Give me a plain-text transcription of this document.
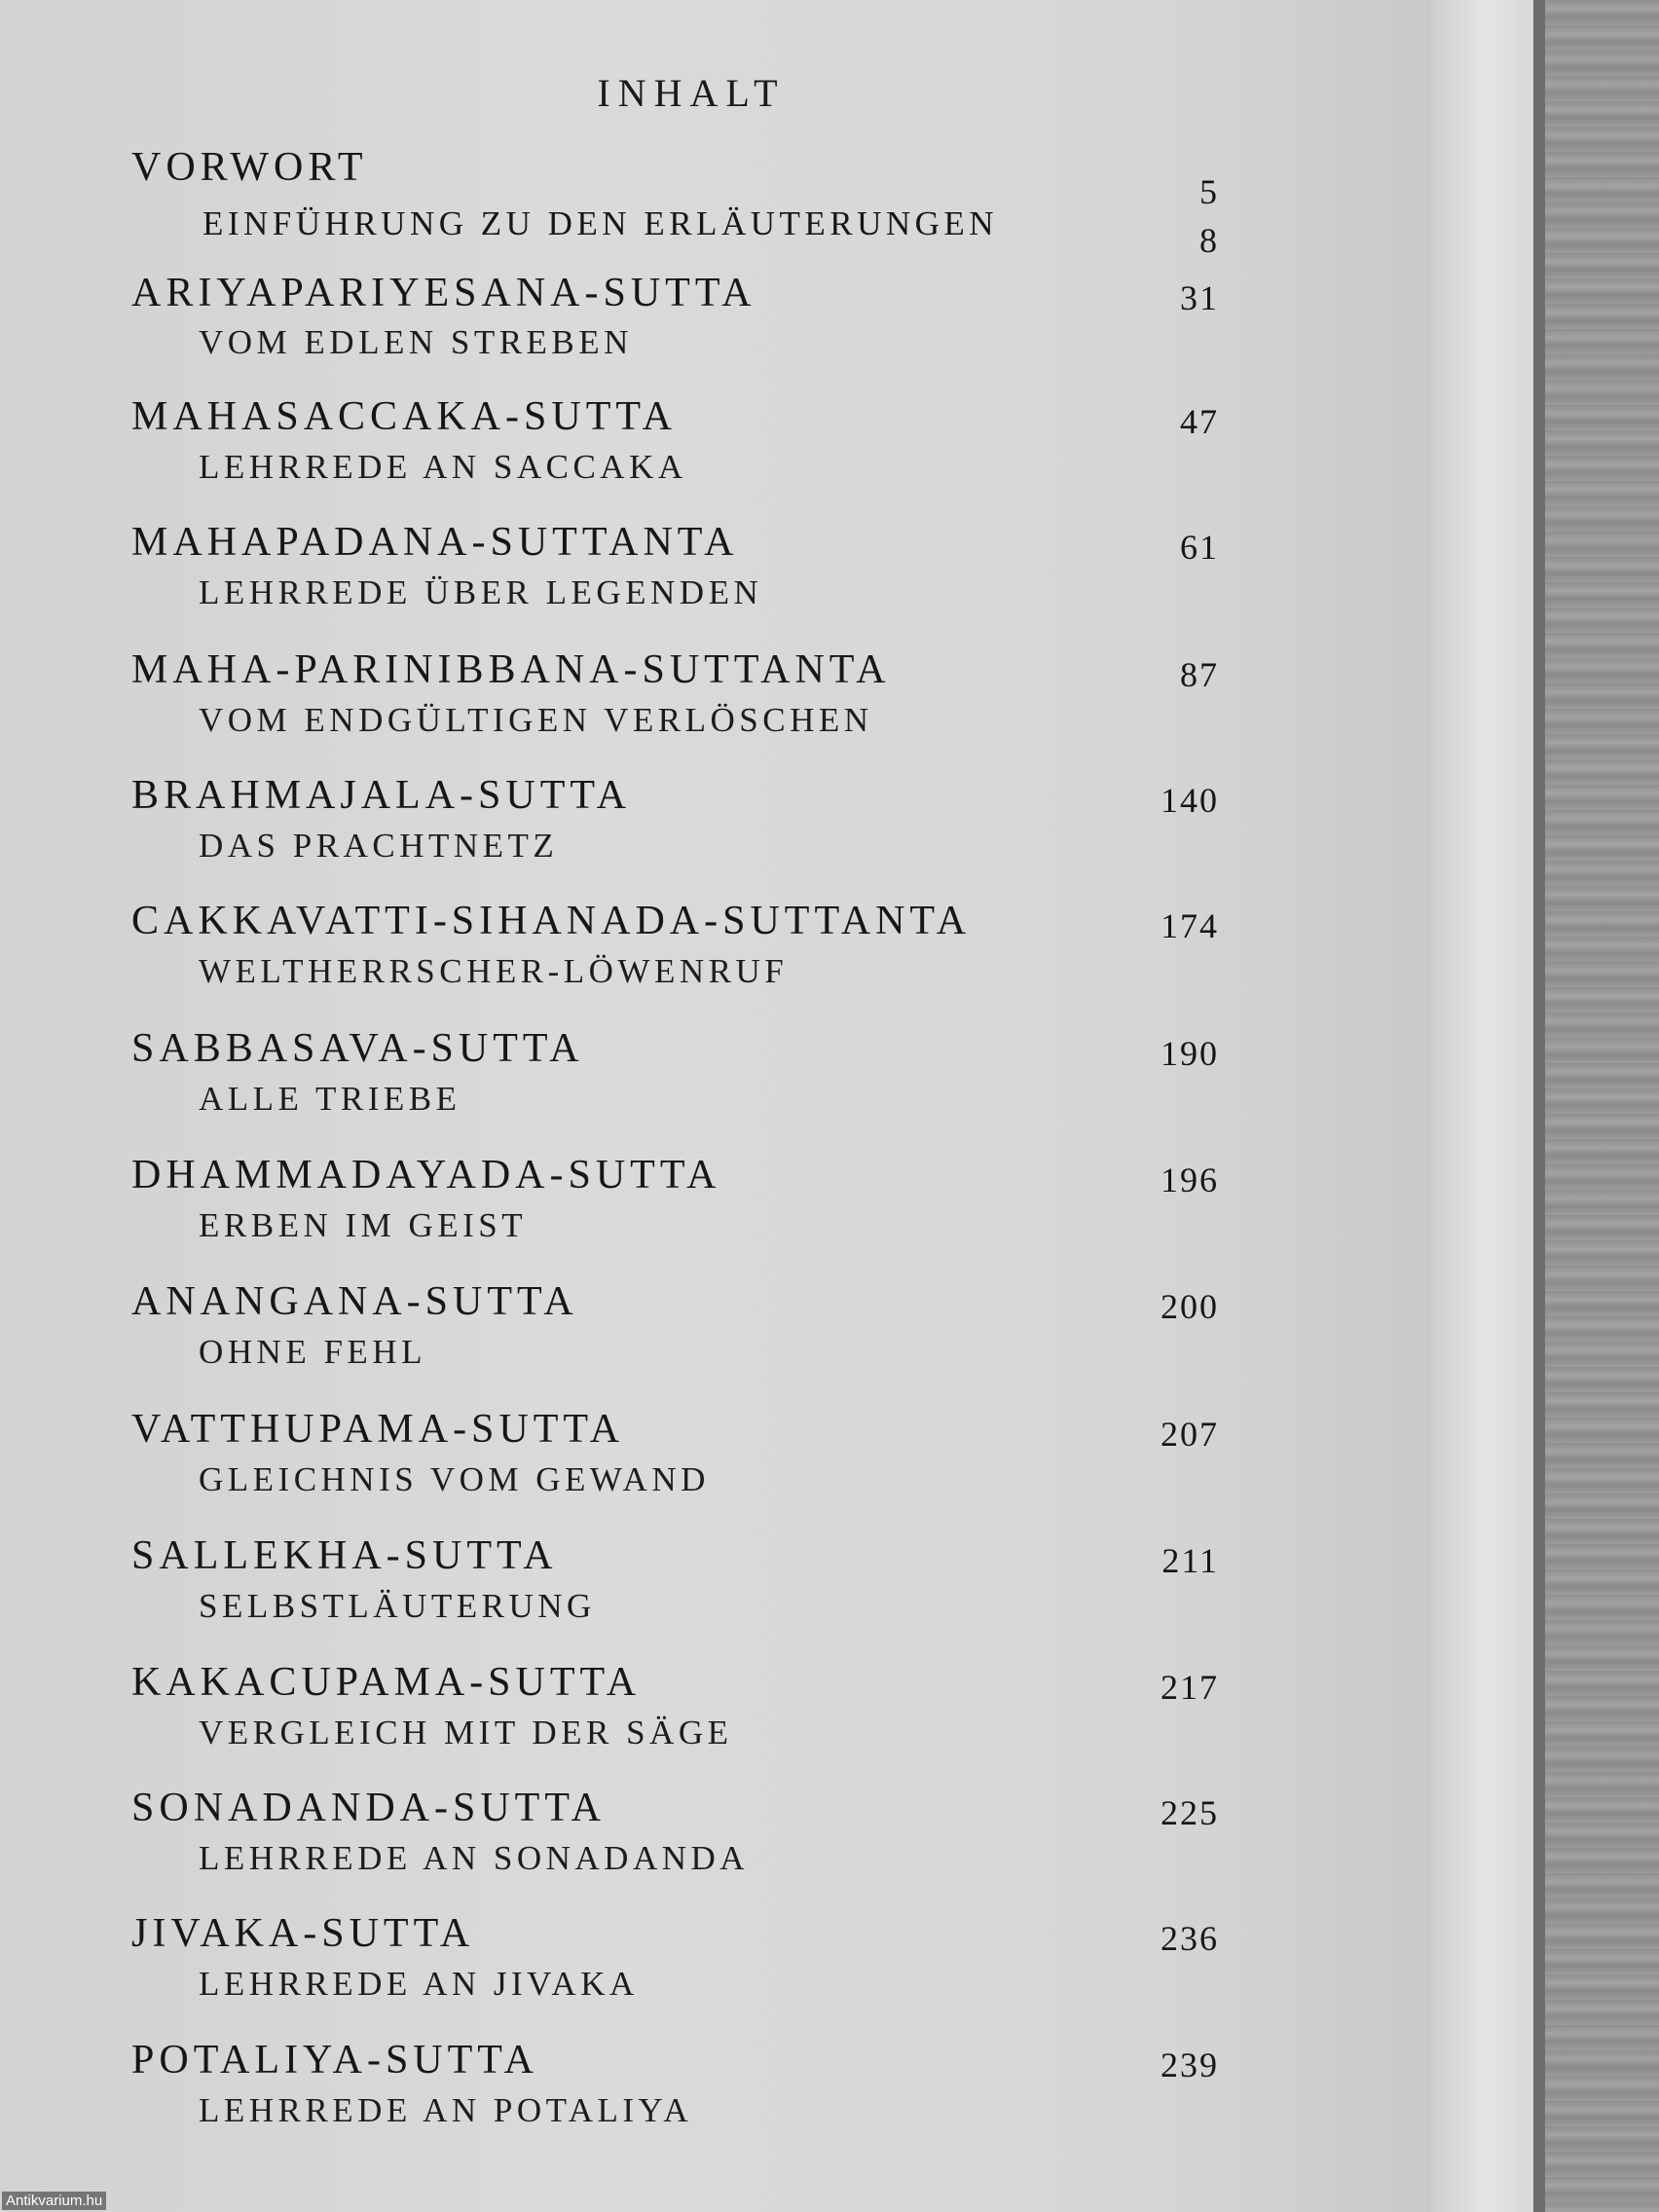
INHALT
VORWORT
5
EINFÜHRUNG ZU DEN ERLÄUTERUNGEN	8
ARIYAPARIYESANA-SUTTA
VOM EDLEN STREBEN
31
MAHASACCAKA-SUTTA
LEHRREDE AN SACCAKA
47
MAHAPADANA-SUTTANTA
LEHRREDE ÜBER LEGENDEN
61
MAHA-PARINIBBANA-SUTTANTA
VOM ENDGÜLTIGEN VERLÖSCHEN
87
BRAHMAJALA-SUTTA
DAS PRACHTNETZ
140
CAKKAVATTI-SIHANADA-SUTTANTA
WELTHERRSCHER-LÖWENRUF
174
SABBASAVA-SUTTA
ALLE TRIEBE
190
DHAMMADAYADA-SUTTA
ERBEN IM GEIST
196
ANANGANA-SUTTA
OHNE FEHL
200
VATTHUPAMA-SUTTA
GLEICHNIS VOM GEWAND
207
SALLEKHA-SUTTA
SELBSTLÄUTERUNG
211
KAKACUPAMA-SUTTA
VERGLEICH MIT DER SÄGE
217
SONADANDA-SUTTA
LEHRREDE AN SONADANDA
225
JIVAKA-SUTTA
LEHRREDE AN JIVAKA
236
POTALIYA-SUTTA
LEHRREDE AN POTALIYA
239
Antikvarium.hu
